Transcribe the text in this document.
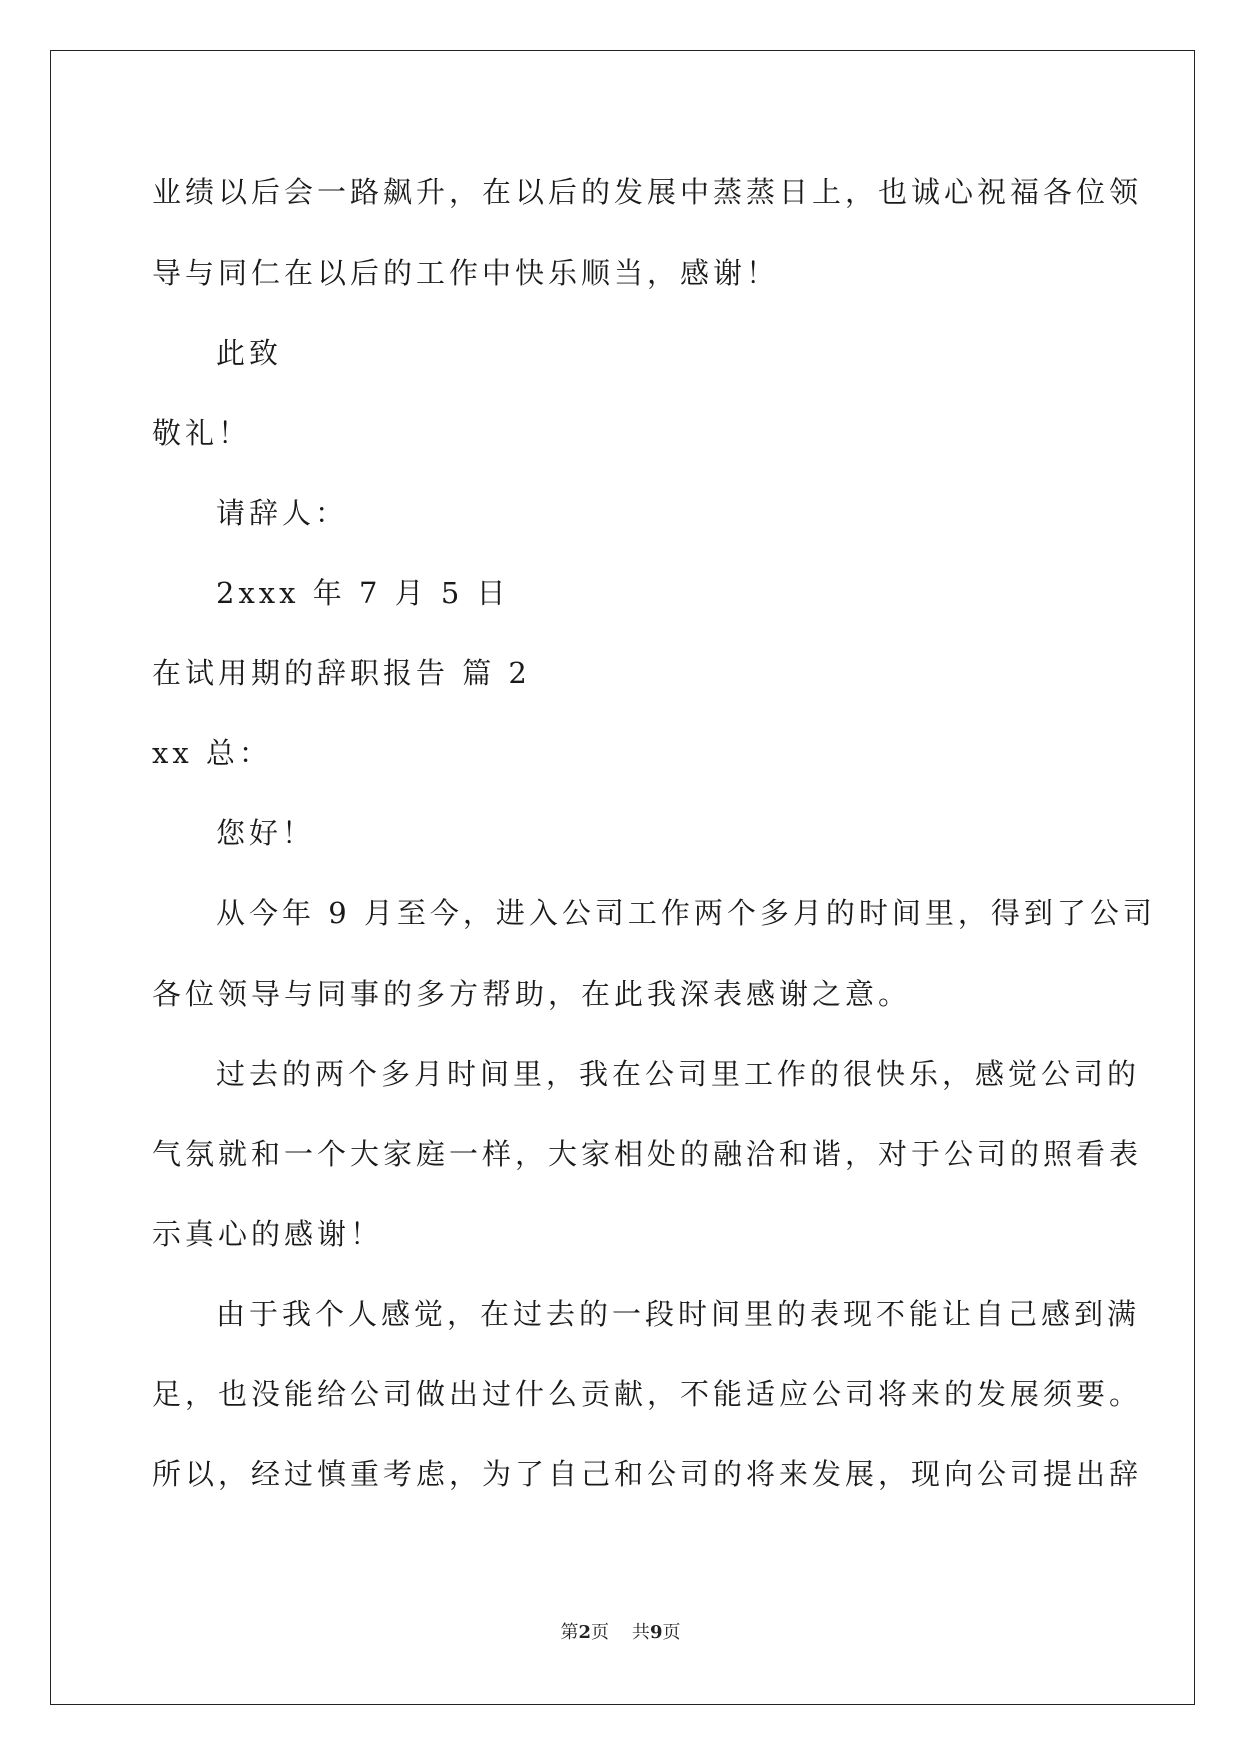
业绩以后会一路飙升，在以后的发展中蒸蒸日上，也诚心祝福各位领
导与同仁在以后的工作中快乐顺当，感谢！
此致
敬礼！
请辞人：
2xxx 年 7 月 5 日
在试用期的辞职报告 篇 2
xx 总：
您好！
从今年 9 月至今，进入公司工作两个多月的时间里，得到了公司
各位领导与同事的多方帮助，在此我深表感谢之意。
过去的两个多月时间里，我在公司里工作的很快乐，感觉公司的
气氛就和一个大家庭一样，大家相处的融洽和谐，对于公司的照看表
示真心的感谢！
由于我个人感觉，在过去的一段时间里的表现不能让自己感到满
足，也没能给公司做出过什么贡献，不能适应公司将来的发展须要。
所以，经过慎重考虑，为了自己和公司的将来发展，现向公司提出辞
第2页    共9页
